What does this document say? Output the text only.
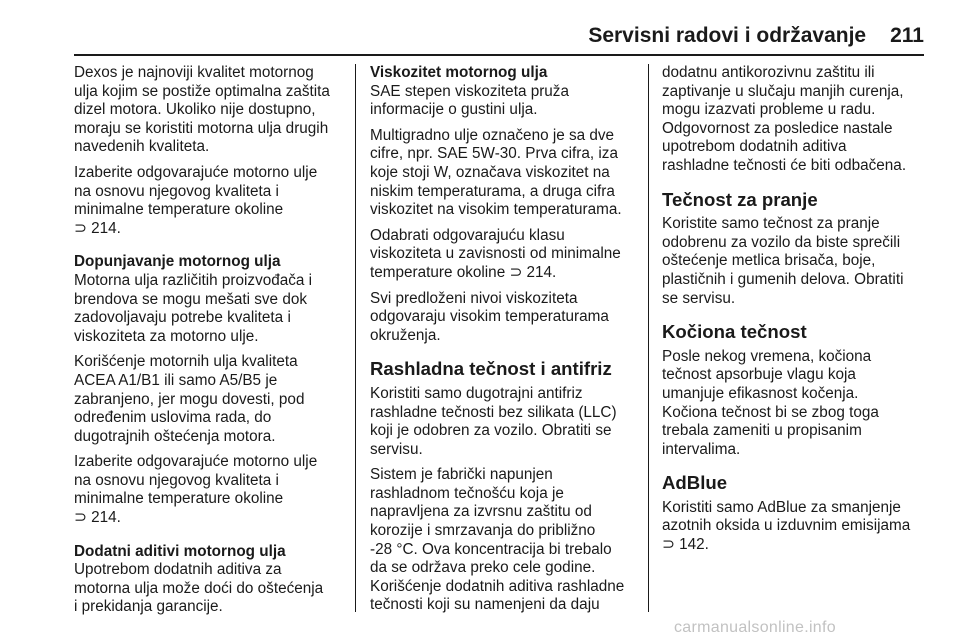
Servisni radovi i održavanje 211

Dexos je najnoviji kvalitet motornog
ulja kojim se postiže optimalna zaštita
dizel motora. Ukoliko nije dostupno,
moraju se koristiti motorna ulja drugih
navedenih kvaliteta.

Izaberite odgovarajuće motorno ulje
na osnovu njegovog kvaliteta i
minimalne temperature okoline
⊃ 214.

Dopunjavanje motornog ulja

Motorna ulja različitih proizvođača i
brendova se mogu mešati sve dok
zadovoljavaju potrebe kvaliteta i
viskoziteta za motorno ulje.

Korišćenje motornih ulja kvaliteta
ACEA A1/B1 ili samo A5/B5 je
zabranjeno, jer mogu dovesti, pod
određenim uslovima rada, do
dugotrajnih oštećenja motora.

Izaberite odgovarajuće motorno ulje
na osnovu njegovog kvaliteta i
minimalne temperature okoline
⊃ 214.

Dodatni aditivi motornog ulja

Upotrebom dodatnih aditiva za
motorna ulja može doći do oštećenja
i prekidanja garancije.

Viskozitet motornog ulja

SAE stepen viskoziteta pruža
informacije o gustini ulja.

Multigradno ulje označeno je sa dve
cifre, npr. SAE 5W-30. Prva cifra, iza
koje stoji W, označava viskozitet na
niskim temperaturama, a druga cifra
viskozitet na visokim temperaturama.

Odabrati odgovarajuću klasu
viskoziteta u zavisnosti od minimalne
temperature okoline ⊃ 214.

Svi predloženi nivoi viskoziteta
odgovaraju visokim temperaturama
okruženja.

Rashladna tečnost i antifriz

Koristiti samo dugotrajni antifriz
rashladne tečnosti bez silikata (LLC)
koji je odobren za vozilo. Obratiti se
servisu.

Sistem je fabrički napunjen
rashladnom tečnošću koja je
napravljena za izvrsnu zaštitu od
korozije i smrzavanja do približno
-28 °C. Ova koncentracija bi trebalo
da se održava preko cele godine.
Korišćenje dodatnih aditiva rashladne
tečnosti koji su namenjeni da daju

dodatnu antikorozivnu zaštitu ili
zaptivanje u slučaju manjih curenja,
mogu izazvati probleme u radu.
Odgovornost za posledice nastale
upotrebom dodatnih aditiva
rashladne tečnosti će biti odbačena.

Tečnost za pranje

Koristite samo tečnost za pranje
odobrenu za vozilo da biste sprečili
oštećenje metlica brisača, boje,
plastičnih i gumenih delova. Obratiti
se servisu.

Kočiona tečnost

Posle nekog vremena, kočiona
tečnost apsorbuje vlagu koja
umanjuje efikasnost kočenja.
Kočiona tečnost bi se zbog toga
trebala zameniti u propisanim
intervalima.

AdBlue

Koristiti samo AdBlue za smanjenje
azotnih oksida u izduvnim emisijama
⊃ 142.

carmanualsonline.info
